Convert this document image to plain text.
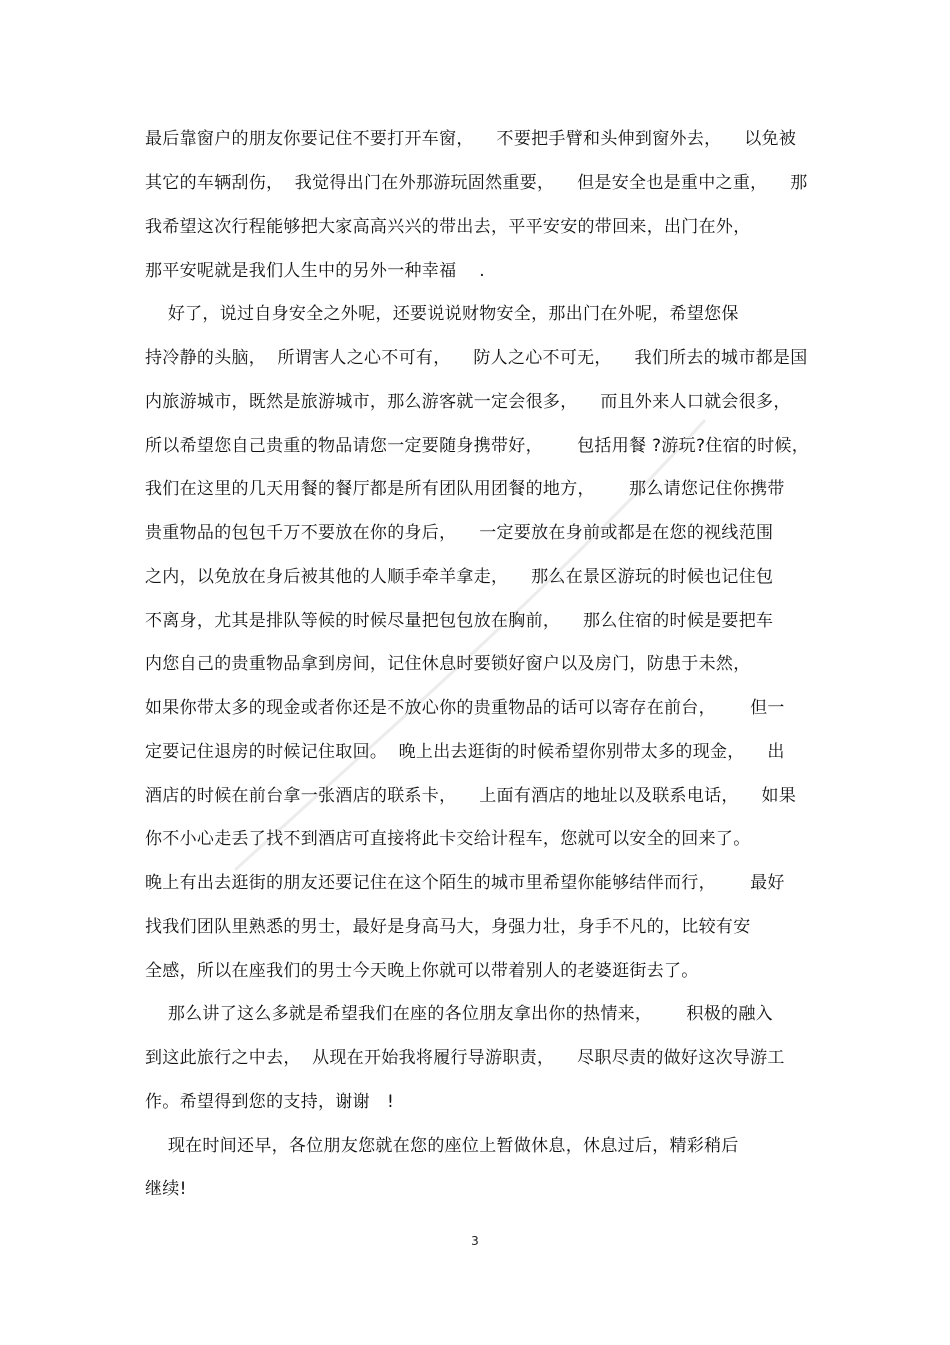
最后靠窗户的朋友你要记住不要打开车窗，    不要把手臂和头伸到窗外去，    以免被
其它的车辆刮伤，  我觉得出门在外那游玩固然重要，    但是安全也是重中之重，    那
我希望这次行程能够把大家高高兴兴的带出去，平平安安的带回来，出门在外，
那平安呢就是我们人生中的另外一种幸福    .
好了，说过自身安全之外呢，还要说说财物安全，那出门在外呢，希望您保
持冷静的头脑，  所谓害人之心不可有，    防人之心不可无，    我们所去的城市都是国
内旅游城市，既然是旅游城市，那么游客就一定会很多，    而且外来人口就会很多，
所以希望您自己贵重的物品请您一定要随身携带好，      包括用餐 ?游玩?住宿的时候，
我们在这里的几天用餐的餐厅都是所有团队用团餐的地方，      那么请您记住你携带
贵重物品的包包千万不要放在你的身后，    一定要放在身前或都是在您的视线范围
之内，以免放在身后被其他的人顺手牵羊拿走，    那么在景区游玩的时候也记住包
不离身，尤其是排队等候的时候尽量把包包放在胸前，    那么住宿的时候是要把车
内您自己的贵重物品拿到房间，记住休息时要锁好窗户以及房门，防患于未然，
如果你带太多的现金或者你还是不放心你的贵重物品的话可以寄存在前台，      但一
定要记住退房的时候记住取回。  晚上出去逛街的时候希望你别带太多的现金，    出
酒店的时候在前台拿一张酒店的联系卡，    上面有酒店的地址以及联系电话，    如果
你不小心走丢了找不到酒店可直接将此卡交给计程车，您就可以安全的回来了。
晚上有出去逛街的朋友还要记住在这个陌生的城市里希望你能够结伴而行，      最好
找我们团队里熟悉的男士，最好是身高马大，身强力壮，身手不凡的，比较有安
全感，所以在座我们的男士今天晚上你就可以带着别人的老婆逛街去了。
那么讲了这么多就是希望我们在座的各位朋友拿出你的热情来，      积极的融入
到这此旅行之中去，  从现在开始我将履行导游职责，    尽职尽责的做好这次导游工
作。希望得到您的支持，谢谢   !
现在时间还早，各位朋友您就在您的座位上暂做休息，休息过后，精彩稍后
继续!
3
